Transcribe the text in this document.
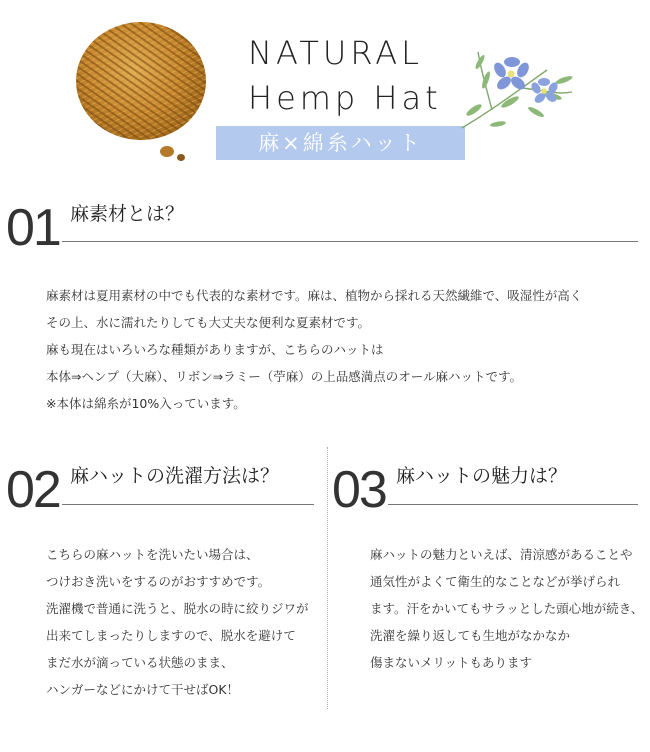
NATURAL
Hemp Hat
麻×綿糸ハット
01 麻素材とは？
麻素材は夏用素材の中でも代表的な素材です。麻は、植物から採れる天然繊維で、吸湿性が高く
その上、水に濡れたりしても大丈夫な便利な夏素材です。
麻も現在はいろいろな種類がありますが、こちらのハットは
本体⇒ヘンプ（大麻）、リボン⇒ラミー（苧麻）の上品感満点のオール麻ハットです。
※本体は綿糸が10%入っています。
02 麻ハットの洗濯方法は？
こちらの麻ハットを洗いたい場合は、
つけおき洗いをするのがおすすめです。
洗濯機で普通に洗うと、脱水の時に絞りジワが
出来てしまったりしますので、脱水を避けて
まだ水が滴っている状態のまま、
ハンガーなどにかけて干せばOK！
03 麻ハットの魅力は？
麻ハットの魅力といえば、清涼感があることや
通気性がよくて衛生的なことなどが挙げられ
ます。汗をかいてもサラッとした頭心地が続き、
洗濯を繰り返しても生地がなかなか
傷まないメリットもあります
